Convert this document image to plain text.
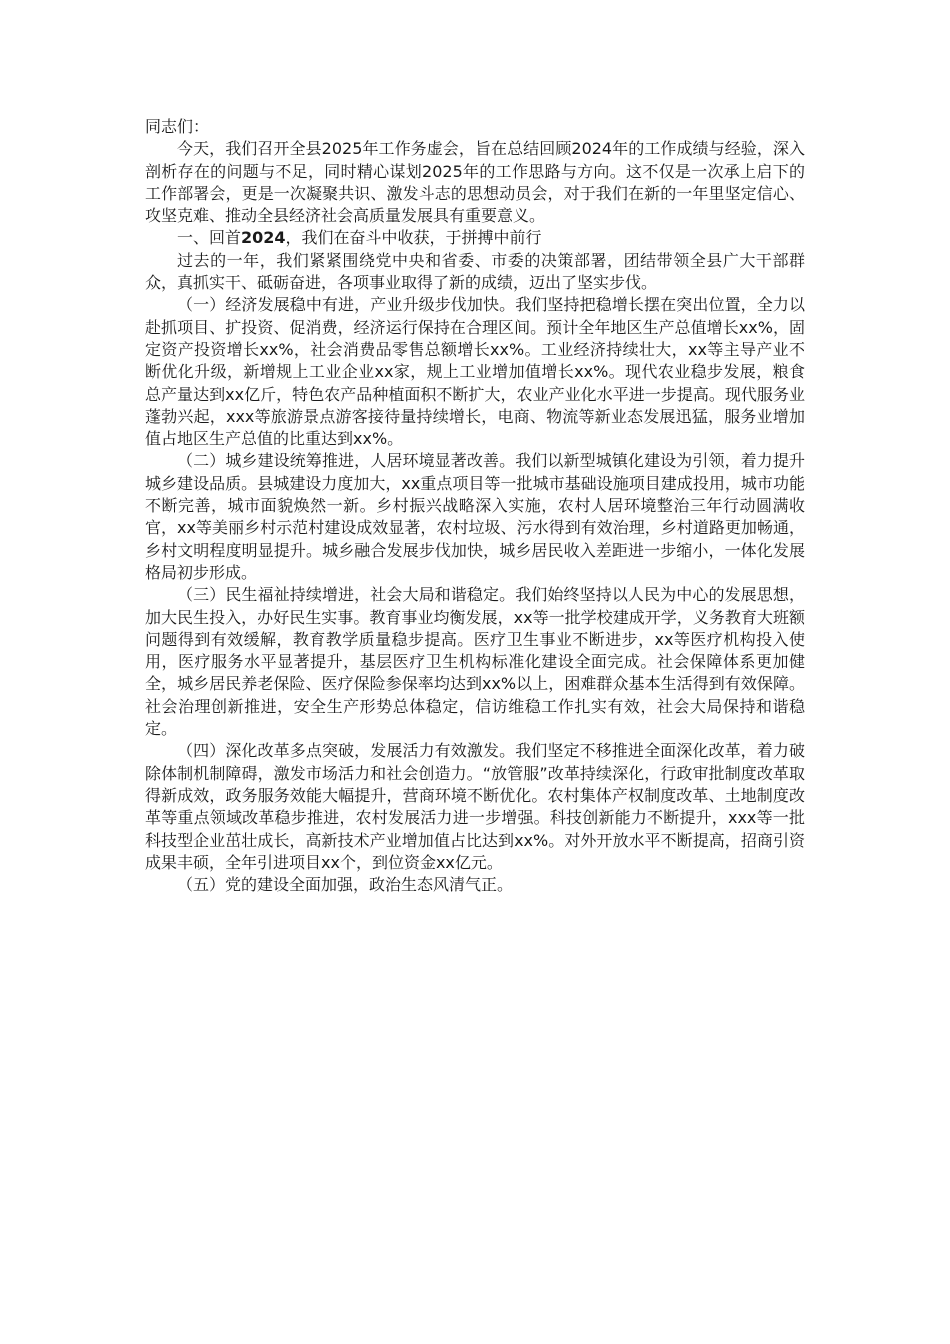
同志们：

今天，我们召开全县2025年工作务虚会，旨在总结回顾2024年的工作成绩与经验，深入剖析存在的问题与不足，同时精心谋划2025年的工作思路与方向。这不仅是一次承上启下的工作部署会，更是一次凝聚共识、激发斗志的思想动员会，对于我们在新的一年里坚定信心、攻坚克难、推动全县经济社会高质量发展具有重要意义。

一、回首2024，我们在奋斗中收获，于拼搏中前行

过去的一年，我们紧紧围绕党中央和省委、市委的决策部署，团结带领全县广大干部群众，真抓实干、砥砺奋进，各项事业取得了新的成绩，迈出了坚实步伐。

（一）经济发展稳中有进，产业升级步伐加快。我们坚持把稳增长摆在突出位置，全力以赴抓项目、扩投资、促消费，经济运行保持在合理区间。预计全年地区生产总值增长xx%，固定资产投资增长xx%，社会消费品零售总额增长xx%。工业经济持续壮大，xx等主导产业不断优化升级，新增规上工业企业xx家，规上工业增加值增长xx%。现代农业稳步发展，粮食总产量达到xx亿斤，特色农产品种植面积不断扩大，农业产业化水平进一步提高。现代服务业蓬勃兴起，xxx等旅游景点游客接待量持续增长，电商、物流等新业态发展迅猛，服务业增加值占地区生产总值的比重达到xx%。

（二）城乡建设统筹推进，人居环境显著改善。我们以新型城镇化建设为引领，着力提升城乡建设品质。县城建设力度加大，xx重点项目等一批城市基础设施项目建成投用，城市功能不断完善，城市面貌焕然一新。乡村振兴战略深入实施，农村人居环境整治三年行动圆满收官，xx等美丽乡村示范村建设成效显著，农村垃圾、污水得到有效治理，乡村道路更加畅通，乡村文明程度明显提升。城乡融合发展步伐加快，城乡居民收入差距进一步缩小，一体化发展格局初步形成。

（三）民生福祉持续增进，社会大局和谐稳定。我们始终坚持以人民为中心的发展思想，加大民生投入，办好民生实事。教育事业均衡发展，xx等一批学校建成开学，义务教育大班额问题得到有效缓解，教育教学质量稳步提高。医疗卫生事业不断进步，xx等医疗机构投入使用，医疗服务水平显著提升，基层医疗卫生机构标准化建设全面完成。社会保障体系更加健全，城乡居民养老保险、医疗保险参保率均达到xx%以上，困难群众基本生活得到有效保障。社会治理创新推进，安全生产形势总体稳定，信访维稳工作扎实有效，社会大局保持和谐稳定。

（四）深化改革多点突破，发展活力有效激发。我们坚定不移推进全面深化改革，着力破除体制机制障碍，激发市场活力和社会创造力。“放管服”改革持续深化，行政审批制度改革取得新成效，政务服务效能大幅提升，营商环境不断优化。农村集体产权制度改革、土地制度改革等重点领域改革稳步推进，农村发展活力进一步增强。科技创新能力不断提升，xxx等一批科技型企业茁壮成长，高新技术产业增加值占比达到xx%。对外开放水平不断提高，招商引资成果丰硕，全年引进项目xx个，到位资金xx亿元。

（五）党的建设全面加强，政治生态风清气正。
